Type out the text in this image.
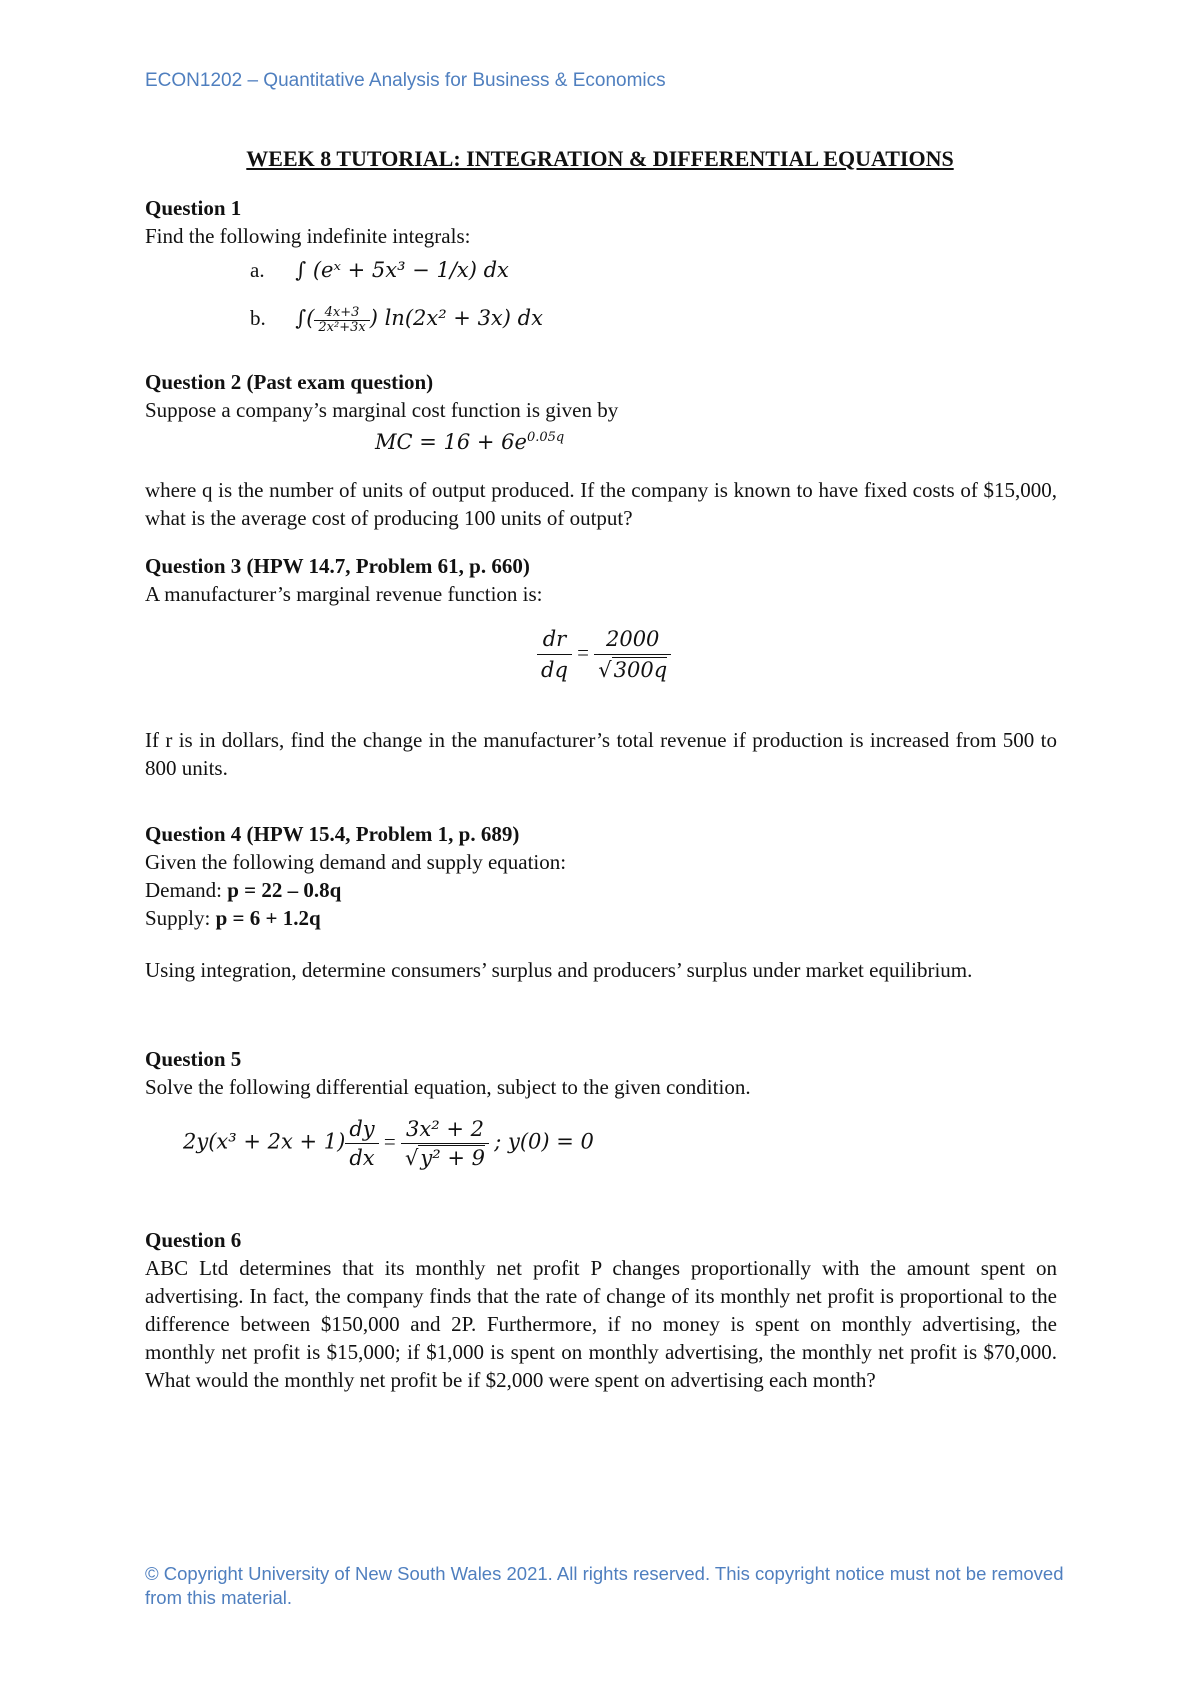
ECON1202 – Quantitative Analysis for Business & Economics
WEEK 8 TUTORIAL: INTEGRATION & DIFFERENTIAL EQUATIONS

Question 1

Find the following indefinite integrals:

a. ∫ (eˣ + 5x³ − 1/x) dx
b. ∫( $\frac{4x+3}{\text{2x²+3x}}$ ) ln(2x² + 3x) dx

Question 2 (Past exam question)

Suppose a company’s marginal cost function is given by

MC = $16 + 6e^{0.05q}$

where q is the number of units of output produced. If the company is known to have fixed costs of $15,000, what is the average cost of producing 100 units of output?

Question 3 (HPW 14.7, Problem 61, p. 660)

A manufacturer’s marginal revenue function is:

$\frac{dr}{dq} = \frac{2000}{√300q}$

If r is in dollars, find the change in the manufacturer’s total revenue if production is increased from 500 to 800 units.

Question 4 (HPW 15.4, Problem 1, p. 689)

Given the following demand and supply equation:

Demand: p = 22 – 0.8q

Supply: p = 6 + 1.2q

Using integration, determine consumers’ surplus and producers’ surplus under market equilibrium.

Question 5

Solve the following differential equation, subject to the given condition.

$2y(x^3 + 2x + 1) \frac{dy}{dx} = \frac{\text{3x² + 2}}{\text{√y² + 9}}$ ; y(0) = 0

Question 6

ABC Ltd determines that its monthly net profit P changes proportionally with the amount spent on advertising. In fact, the company finds that the rate of change of its monthly net profit is proportional to the difference between $150,000 and 2P. Furthermore, if no money is spent on monthly advertising, the monthly net profit is $15,000; if $1,000 is spent on monthly advertising, the monthly net profit is $70,000. What would the monthly net profit be if $2,000 were spent on advertising each month?

© Copyright University of New South Wales 2021. All rights reserved. This copyright notice must not be removed from this material.
